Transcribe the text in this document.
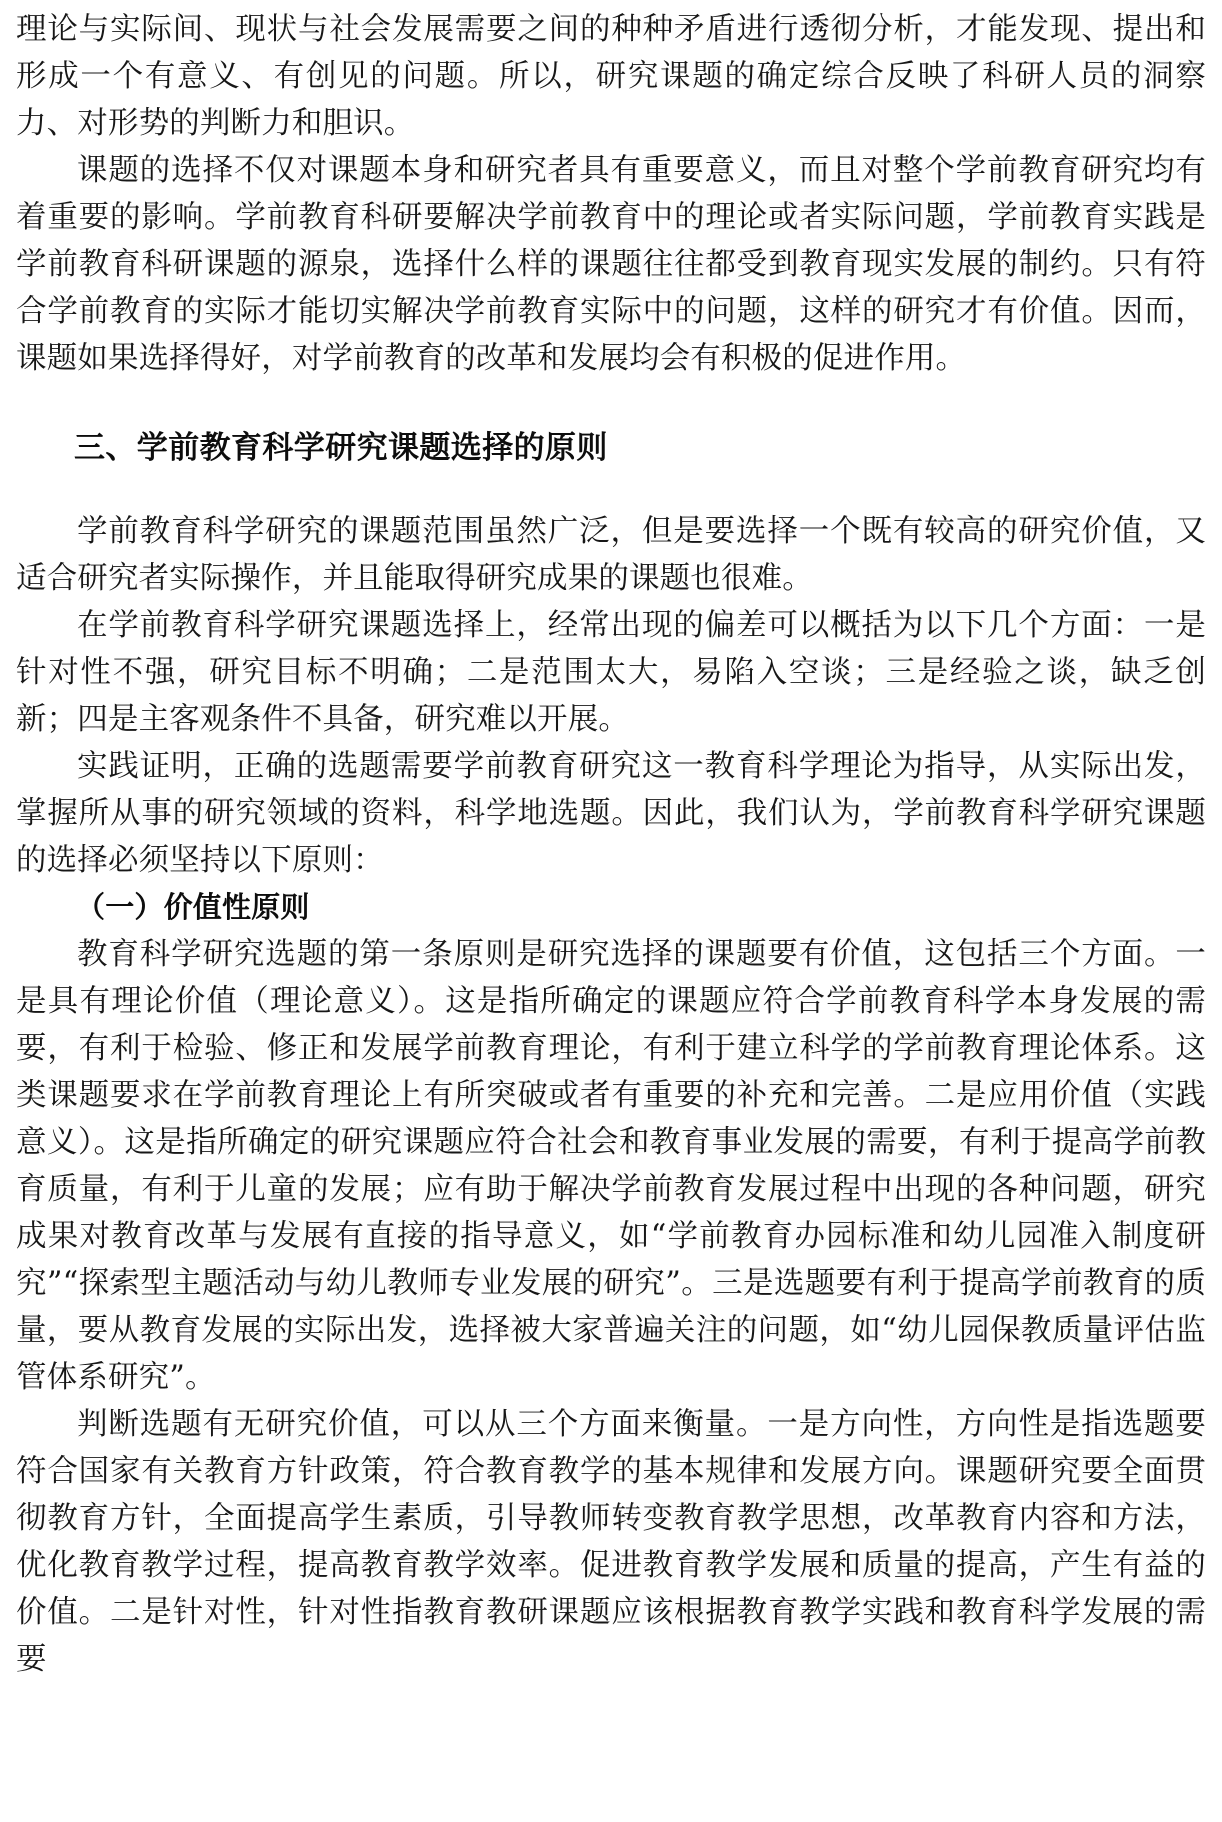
理论与实际间、现状与社会发展需要之间的种种矛盾进行透彻分析，才能发现、提出和形成一个有意义、有创见的问题。所以，研究课题的确定综合反映了科研人员的洞察力、对形势的判断力和胆识。

课题的选择不仅对课题本身和研究者具有重要意义，而且对整个学前教育研究均有着重要的影响。学前教育科研要解决学前教育中的理论或者实际问题，学前教育实践是学前教育科研课题的源泉，选择什么样的课题往往都受到教育现实发展的制约。只有符合学前教育的实际才能切实解决学前教育实际中的问题，这样的研究才有价值。因而，课题如果选择得好，对学前教育的改革和发展均会有积极的促进作用。

三、学前教育科学研究课题选择的原则

学前教育科学研究的课题范围虽然广泛，但是要选择一个既有较高的研究价值，又适合研究者实际操作，并且能取得研究成果的课题也很难。

在学前教育科学研究课题选择上，经常出现的偏差可以概括为以下几个方面：一是针对性不强，研究目标不明确；二是范围太大，易陷入空谈；三是经验之谈，缺乏创新；四是主客观条件不具备，研究难以开展。

实践证明，正确的选题需要学前教育研究这一教育科学理论为指导，从实际出发，掌握所从事的研究领域的资料，科学地选题。因此，我们认为，学前教育科学研究课题的选择必须坚持以下原则：

（一）价值性原则

教育科学研究选题的第一条原则是研究选择的课题要有价值，这包括三个方面。一是具有理论价值（理论意义）。这是指所确定的课题应符合学前教育科学本身发展的需要，有利于检验、修正和发展学前教育理论，有利于建立科学的学前教育理论体系。这类课题要求在学前教育理论上有所突破或者有重要的补充和完善。二是应用价值（实践意义）。这是指所确定的研究课题应符合社会和教育事业发展的需要，有利于提高学前教育质量，有利于儿童的发展；应有助于解决学前教育发展过程中出现的各种问题，研究成果对教育改革与发展有直接的指导意义，如“学前教育办园标准和幼儿园准入制度研究”“探索型主题活动与幼儿教师专业发展的研究”。三是选题要有利于提高学前教育的质量，要从教育发展的实际出发，选择被大家普遍关注的问题，如“幼儿园保教质量评估监管体系研究”。

判断选题有无研究价值，可以从三个方面来衡量。一是方向性，方向性是指选题要符合国家有关教育方针政策，符合教育教学的基本规律和发展方向。课题研究要全面贯彻教育方针，全面提高学生素质，引导教师转变教育教学思想，改革教育内容和方法，优化教育教学过程，提高教育教学效率。促进教育教学发展和质量的提高，产生有益的价值。二是针对性，针对性指教育教研课题应该根据教育教学实践和教育科学发展的需要
